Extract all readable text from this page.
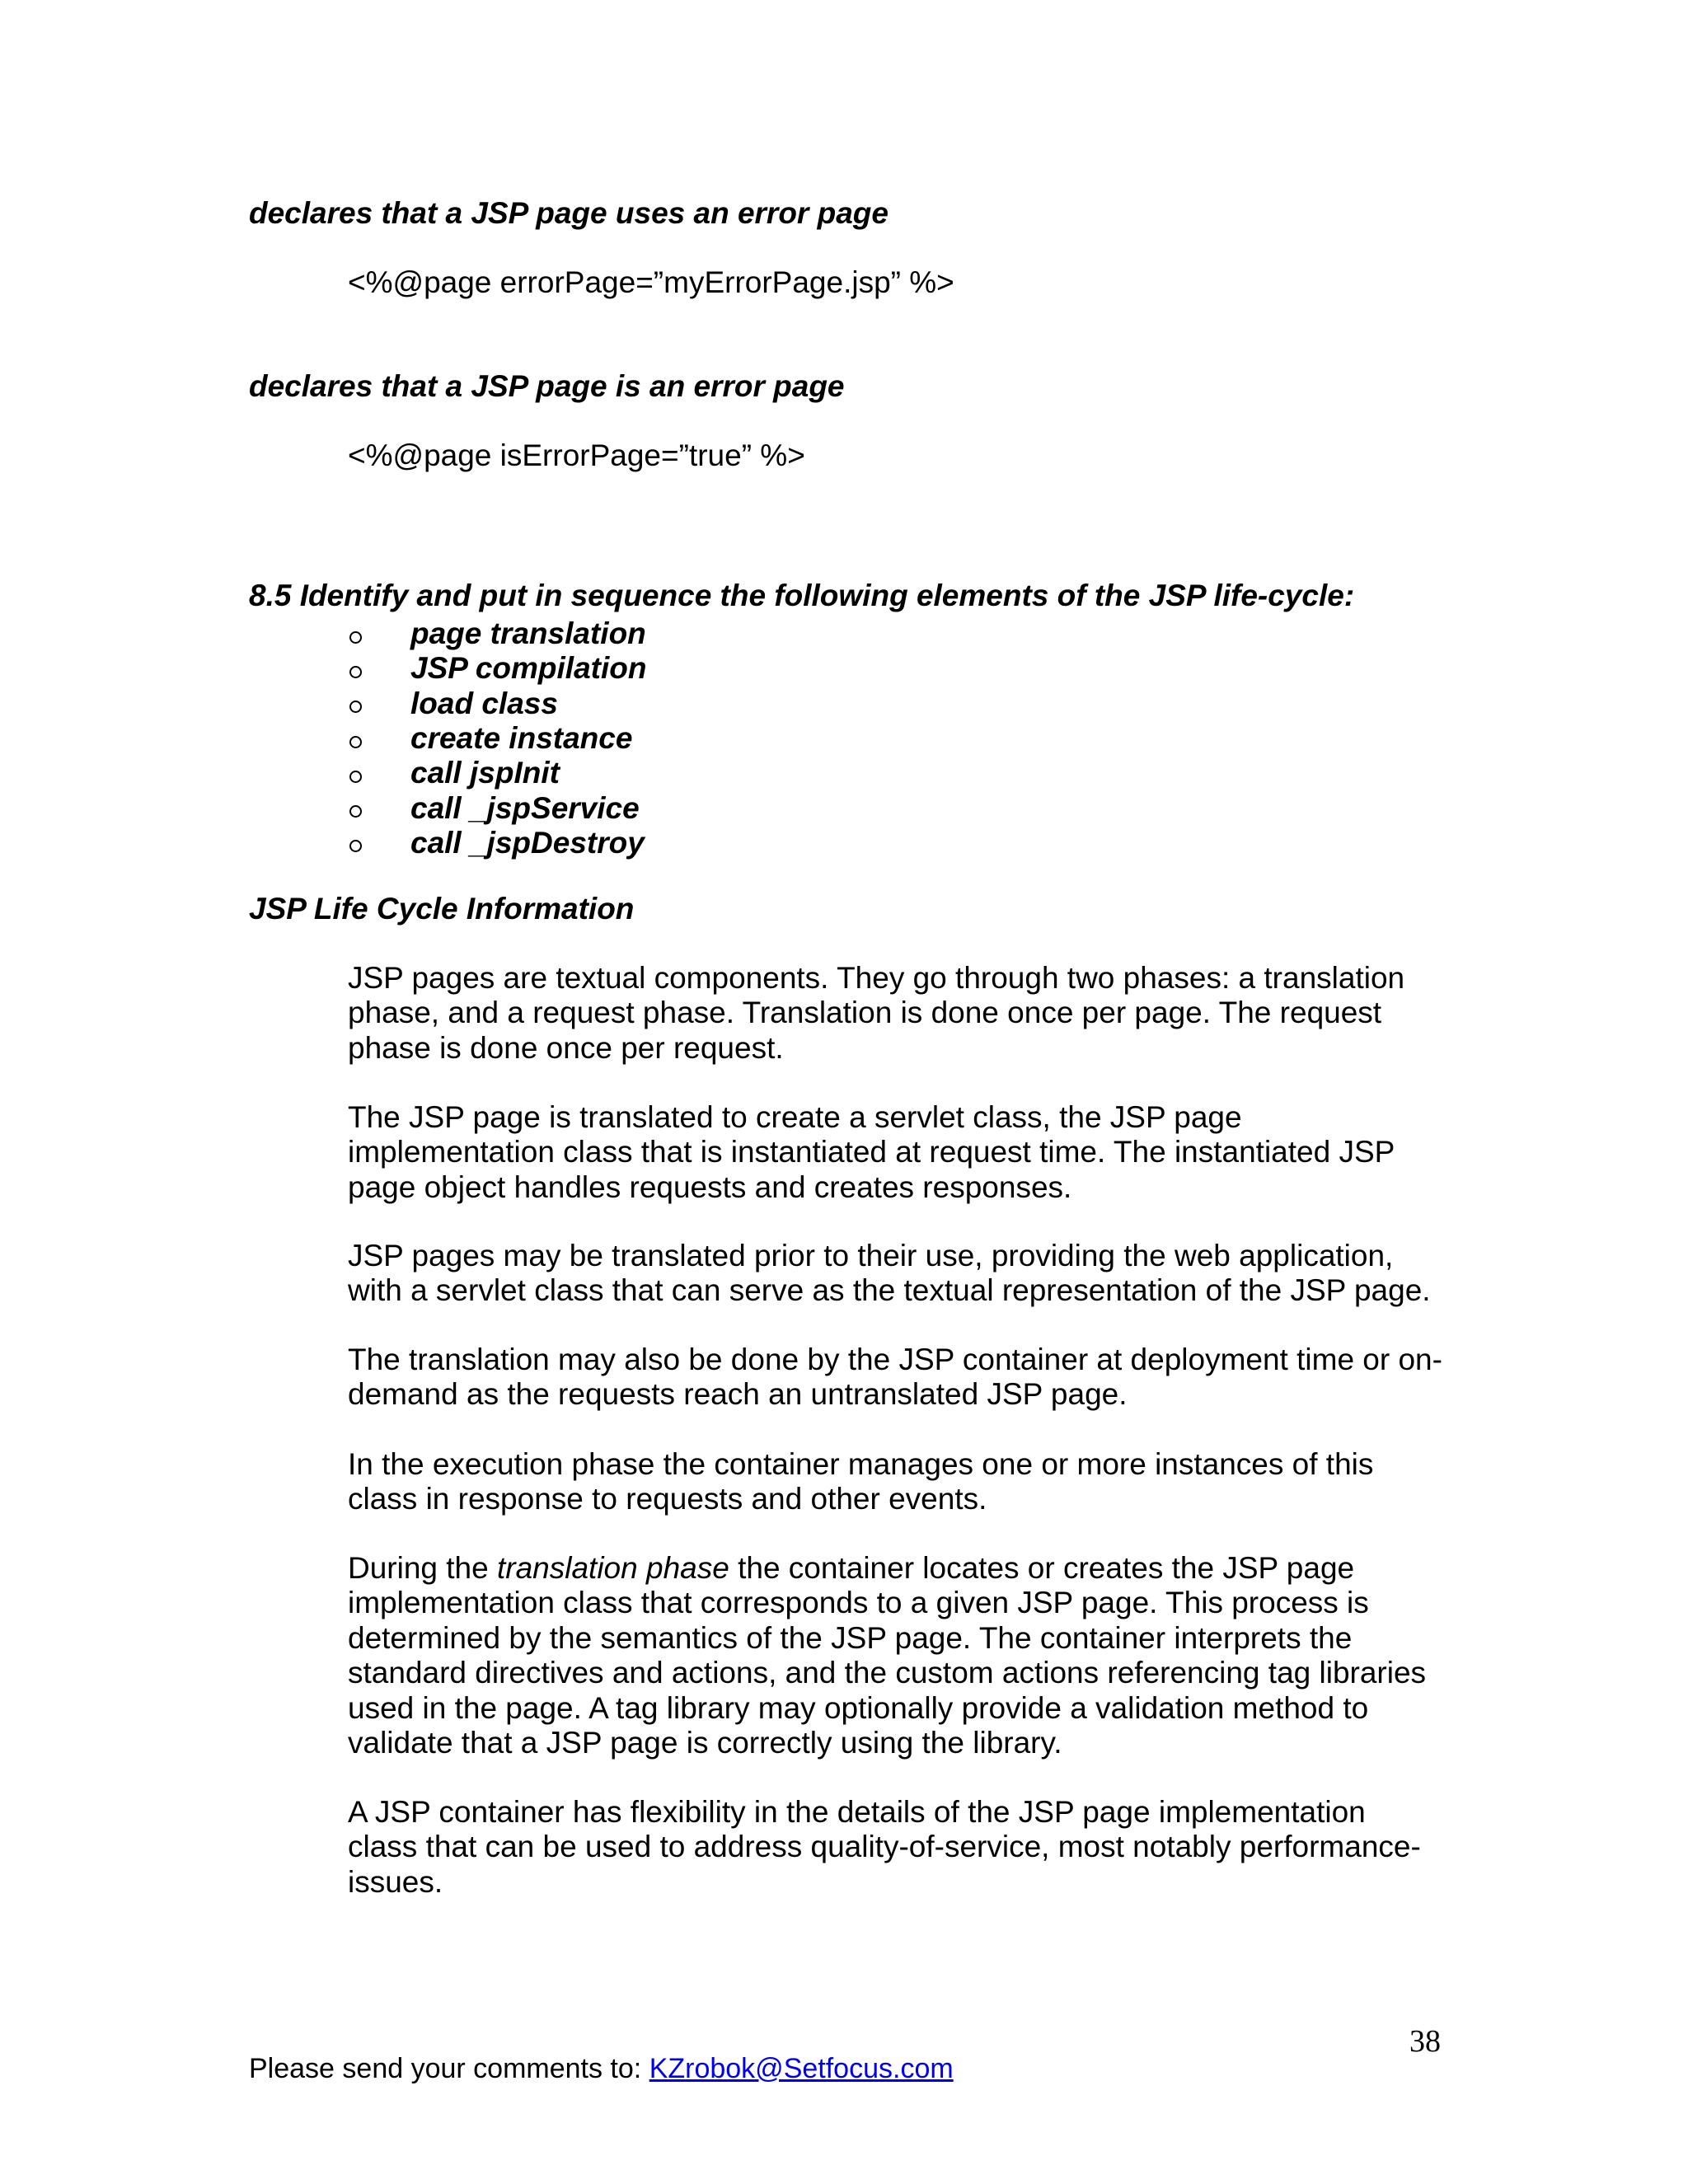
declares that a JSP page uses an error page
<%@page errorPage=”myErrorPage.jsp” %>
declares that a JSP page is an error page
<%@page isErrorPage=”true” %>
8.5 Identify and put in sequence the following elements of the JSP life-cycle:
page translation
JSP compilation
load class
create instance
call jspInit
call _jspService
call _jspDestroy
JSP Life Cycle Information

JSP pages are textual components. They go through two phases: a translation
phase, and a request phase. Translation is done once per page. The request
phase is done once per request.

The JSP page is translated to create a servlet class, the JSP page
implementation class that is instantiated at request time. The instantiated JSP
page object handles requests and creates responses.

JSP pages may be translated prior to their use, providing the web application,
with a servlet class that can serve as the textual representation of the JSP page.

The translation may also be done by the JSP container at deployment time or on-
demand as the requests reach an untranslated JSP page.

In the execution phase the container manages one or more instances of this
class in response to requests and other events.

During the translation phase the container locates or creates the JSP page
implementation class that corresponds to a given JSP page. This process is
determined by the semantics of the JSP page. The container interprets the
standard directives and actions, and the custom actions referencing tag libraries
used in the page. A tag library may optionally provide a validation method to
validate that a JSP page is correctly using the library.

A JSP container has flexibility in the details of the JSP page implementation
class that can be used to address quality-of-service, most notably performance-
issues.

38
Please send your comments to: KZrobok@Setfocus.com
